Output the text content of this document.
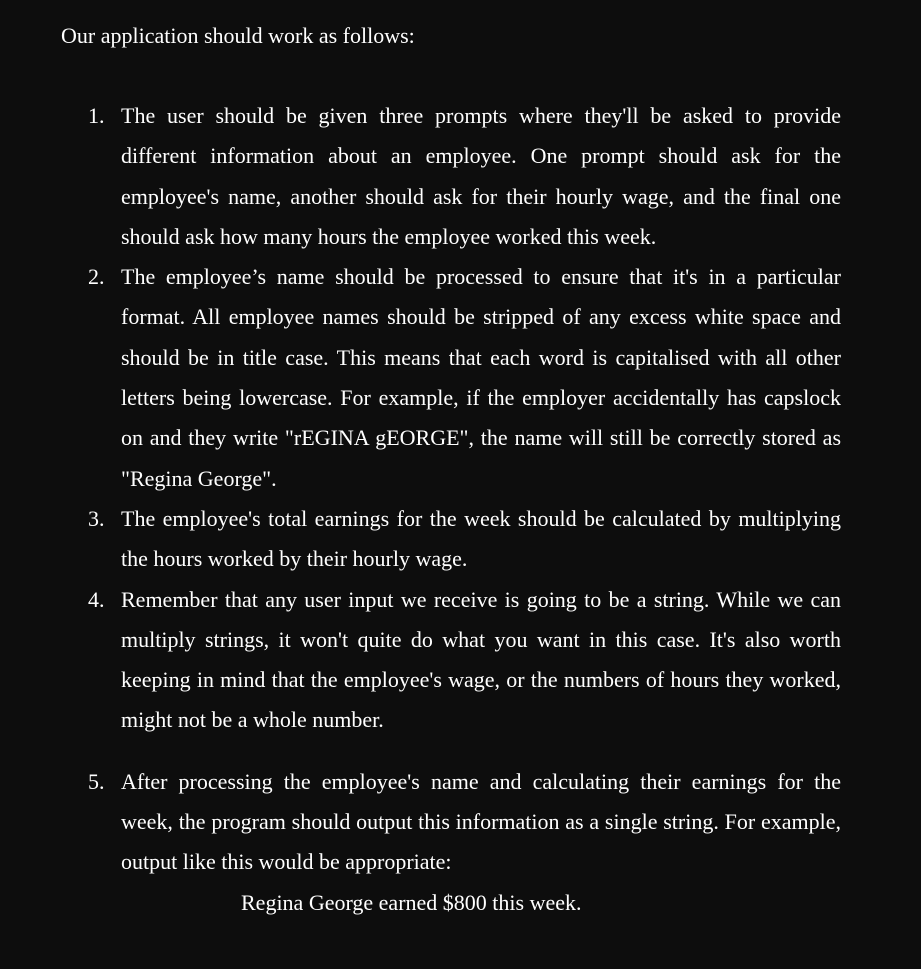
Our application should work as follows:

1. The user should be given three prompts where they'll be asked to provide different information about an employee. One prompt should ask for the employee's name, another should ask for their hourly wage, and the final one should ask how many hours the employee worked this week.
2. The employee’s name should be processed to ensure that it's in a particular format. All employee names should be stripped of any excess white space and should be in title case. This means that each word is capitalised with all other letters being lowercase. For example, if the employer accidentally has capslock on and they write "rEGINA gEORGE", the name will still be correctly stored as "Regina George".
3. The employee's total earnings for the week should be calculated by multiplying the hours worked by their hourly wage.
4. Remember that any user input we receive is going to be a string. While we can multiply strings, it won't quite do what you want in this case. It's also worth keeping in mind that the employee's wage, or the numbers of hours they worked, might not be a whole number.
5. After processing the employee's name and calculating their earnings for the week, the program should output this information as a single string. For example, output like this would be appropriate:
Regina George earned $800 this week.
